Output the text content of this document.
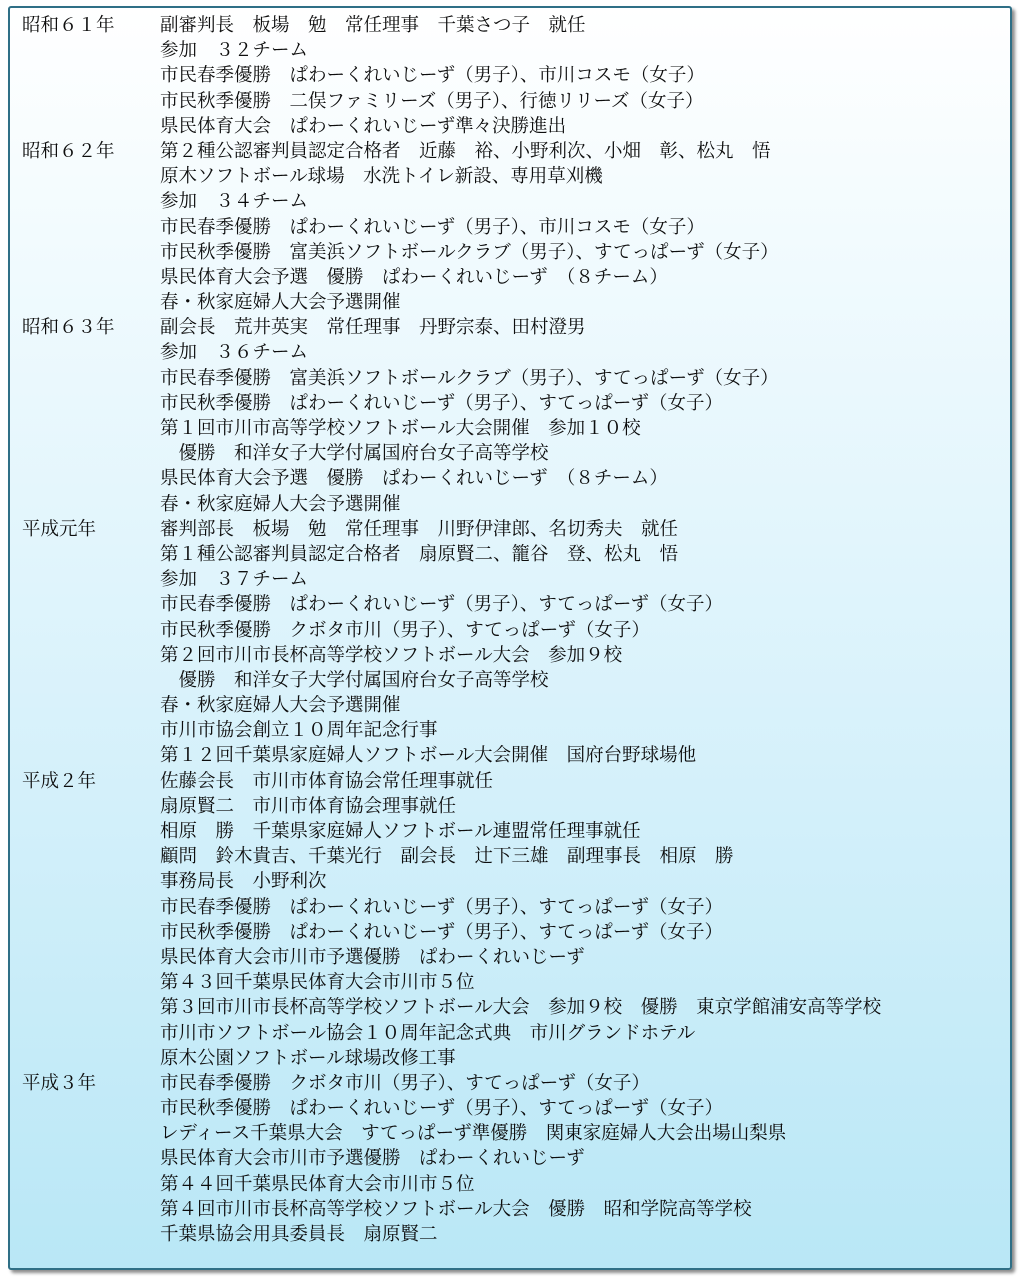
昭和６１年 副審判長　板場　勉　常任理事　千葉さつ子　就任
参加　３２チーム
市民春季優勝　ぱわーくれいじーず（男子）、市川コスモ（女子）
市民秋季優勝　二俣ファミリーズ（男子）、行徳リリーズ（女子）
県民体育大会　ぱわーくれいじーず準々決勝進出
昭和６２年 第２種公認審判員認定合格者　近藤　裕、小野利次、小畑　彰、松丸　悟
原木ソフトボール球場　水洗トイレ新設、専用草刈機
参加　３４チーム
市民春季優勝　ぱわーくれいじーず（男子）、市川コスモ（女子）
市民秋季優勝　富美浜ソフトボールクラブ（男子）、すてっぱーず（女子）
県民体育大会予選　優勝　ぱわーくれいじーず　（８チーム）
春・秋家庭婦人大会予選開催
昭和６３年 副会長　荒井英実　常任理事　丹野宗泰、田村澄男
参加　３６チーム
市民春季優勝　富美浜ソフトボールクラブ（男子）、すてっぱーず（女子）
市民秋季優勝　ぱわーくれいじーず（男子）、すてっぱーず（女子）
第１回市川市高等学校ソフトボール大会開催　参加１０校
　優勝　和洋女子大学付属国府台女子高等学校
県民体育大会予選　優勝　ぱわーくれいじーず　（８チーム）
春・秋家庭婦人大会予選開催
平成元年	審判部長　板場　勉　常任理事　川野伊津郎、名切秀夫　就任
第１種公認審判員認定合格者　扇原賢二、籠谷　登、松丸　悟
参加　３７チーム
市民春季優勝　ぱわーくれいじーず（男子）、すてっぱーず（女子）
市民秋季優勝　クボタ市川（男子）、すてっぱーず（女子）
第２回市川市長杯高等学校ソフトボール大会　参加９校
　優勝　和洋女子大学付属国府台女子高等学校
春・秋家庭婦人大会予選開催
市川市協会創立１０周年記念行事
第１２回千葉県家庭婦人ソフトボール大会開催　国府台野球場他
平成２年	佐藤会長　市川市体育協会常任理事就任
扇原賢二　市川市体育協会理事就任
相原　勝　千葉県家庭婦人ソフトボール連盟常任理事就任
顧問　鈴木貴吉、千葉光行　副会長　辻下三雄　副理事長　相原　勝
事務局長　小野利次
市民春季優勝　ぱわーくれいじーず（男子）、すてっぱーず（女子）
市民秋季優勝　ぱわーくれいじーず（男子）、すてっぱーず（女子）
県民体育大会市川市予選優勝　ぱわーくれいじーず
第４３回千葉県民体育大会市川市５位
第３回市川市長杯高等学校ソフトボール大会　参加９校　優勝　東京学館浦安高等学校
市川市ソフトボール協会１０周年記念式典　市川グランドホテル
原木公園ソフトボール球場改修工事
平成３年	市民春季優勝　クボタ市川（男子）、すてっぱーず（女子）
市民秋季優勝　ぱわーくれいじーず（男子）、すてっぱーず（女子）
レディース千葉県大会　すてっぱーず準優勝　関東家庭婦人大会出場山梨県
県民体育大会市川市予選優勝　ぱわーくれいじーず
第４４回千葉県民体育大会市川市５位
第４回市川市長杯高等学校ソフトボール大会　優勝　昭和学院高等学校
千葉県協会用具委員長　扇原賢二
